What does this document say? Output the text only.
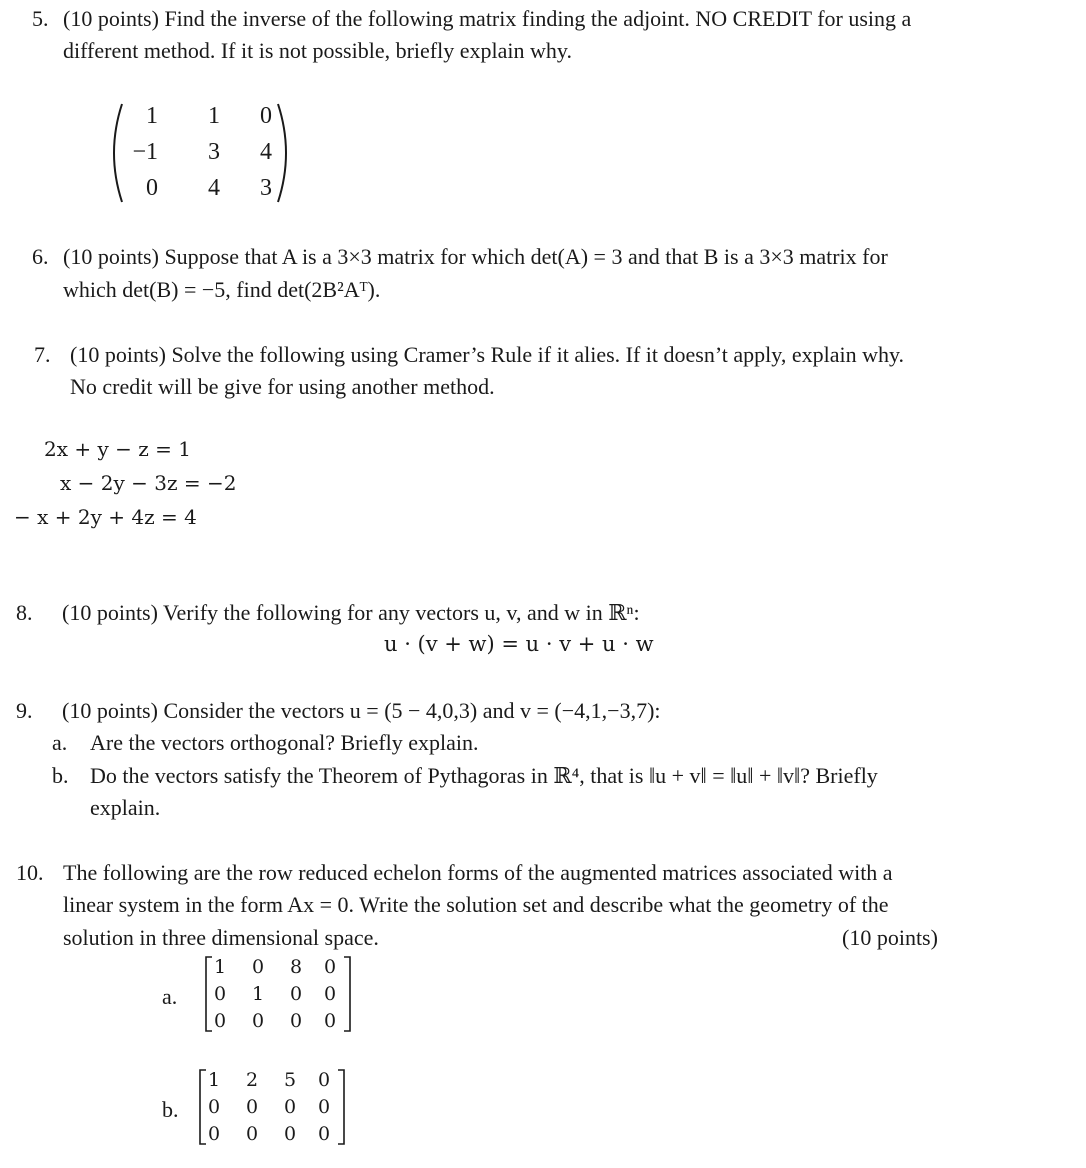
5. (10 points) Find the inverse of the following matrix finding the adjoint. NO CREDIT for using a
different method. If it is not possible, briefly explain why.
1	1	0
−1	3	4
0	4	3
6. (10 points) Suppose that A is a 3×3 matrix for which det(A) = 3 and that B is a 3×3 matrix for
which det(B) = −5, find det(2B²Aᵀ).
7. (10 points) Solve the following using Cramer’s Rule if it alies. If it doesn’t apply, explain why.
No credit will be give for using another method.
2x + y − z = 1
x − 2y − 3z = −2
− x + 2y + 4z = 4
8. (10 points) Verify the following for any vectors u, v, and w in ℝⁿ:
u · (v + w) = u · v + u · w
9. (10 points) Consider the vectors u = (5 − 4,0,3) and v = (−4,1,−3,7):
a. Are the vectors orthogonal? Briefly explain.
b. Do the vectors satisfy the Theorem of Pythagoras in ℝ⁴, that is ‖u + v‖ = ‖u‖ + ‖v‖? Briefly
explain.
10. The following are the row reduced echelon forms of the augmented matrices associated with a
linear system in the form Ax = 0. Write the solution set and describe what the geometry of the
solution in three dimensional space.	(10 points)
a.
1	0	8	0
0	1	0	0
0	0	0	0
b.
1	2	5	0
0	0	0	0
0	0	0	0
